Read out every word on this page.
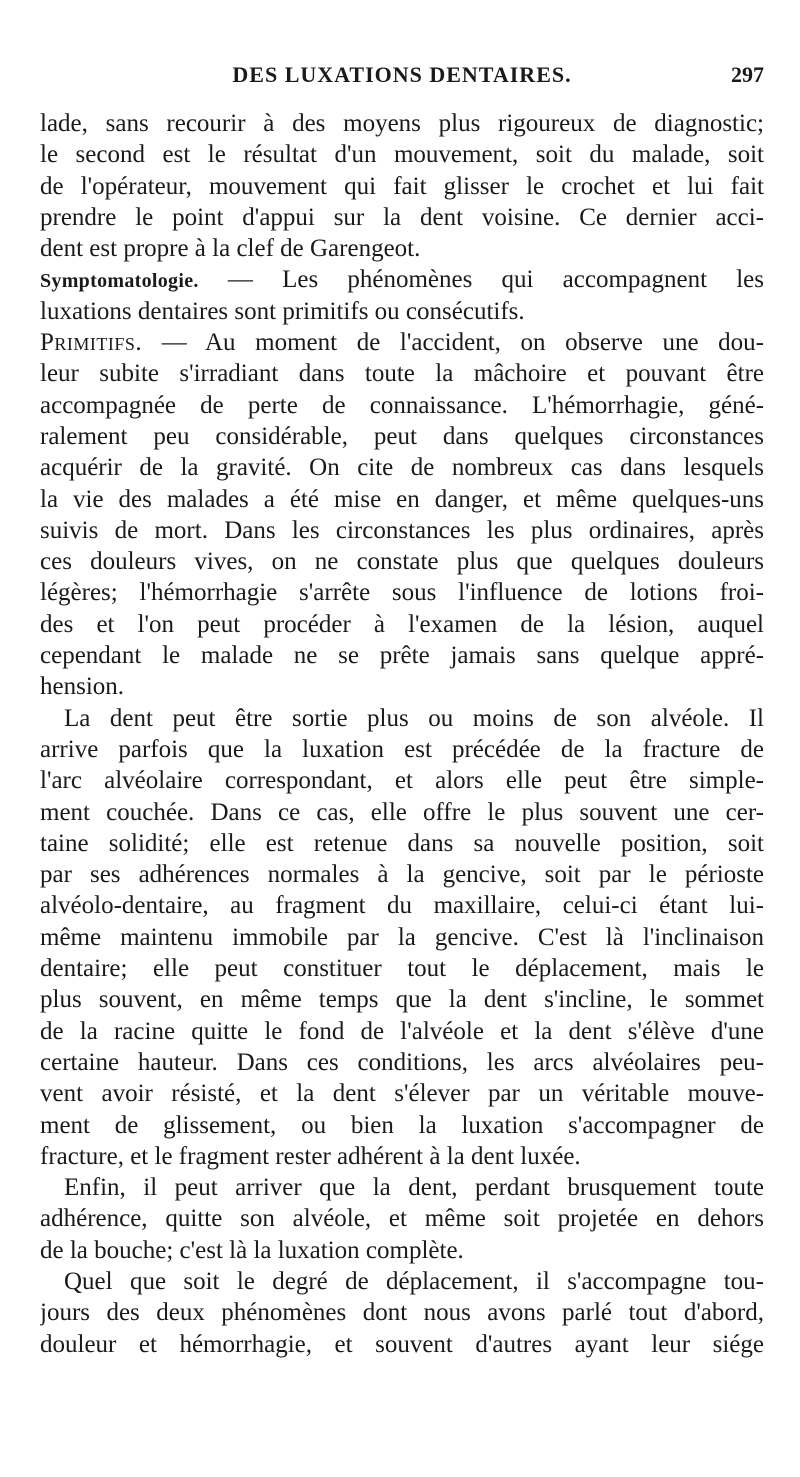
DES LUXATIONS DENTAIRES.	297
lade, sans recourir à des moyens plus rigoureux de diagnostic;
le second est le résultat d'un mouvement, soit du malade, soit
de l'opérateur, mouvement qui fait glisser le crochet et lui fait
prendre le point d'appui sur la dent voisine. Ce dernier acci-
dent est propre à la clef de Garengeot.
Symptomatologie. — Les phénomènes qui accompagnent les
luxations dentaires sont primitifs ou consécutifs.
Primitifs. — Au moment de l'accident, on observe une dou-
leur subite s'irradiant dans toute la mâchoire et pouvant être
accompagnée de perte de connaissance. L'hémorrhagie, géné-
ralement peu considérable, peut dans quelques circonstances
acquérir de la gravité. On cite de nombreux cas dans lesquels
la vie des malades a été mise en danger, et même quelques-uns
suivis de mort. Dans les circonstances les plus ordinaires, après
ces douleurs vives, on ne constate plus que quelques douleurs
légères; l'hémorrhagie s'arrête sous l'influence de lotions froi-
des et l'on peut procéder à l'examen de la lésion, auquel
cependant le malade ne se prête jamais sans quelque appré-
hension.
La dent peut être sortie plus ou moins de son alvéole. Il
arrive parfois que la luxation est précédée de la fracture de
l'arc alvéolaire correspondant, et alors elle peut être simple-
ment couchée. Dans ce cas, elle offre le plus souvent une cer-
taine solidité; elle est retenue dans sa nouvelle position, soit
par ses adhérences normales à la gencive, soit par le périoste
alvéolo-dentaire, au fragment du maxillaire, celui-ci étant lui-
même maintenu immobile par la gencive. C'est là l'inclinaison
dentaire; elle peut constituer tout le déplacement, mais le
plus souvent, en même temps que la dent s'incline, le sommet
de la racine quitte le fond de l'alvéole et la dent s'élève d'une
certaine hauteur. Dans ces conditions, les arcs alvéolaires peu-
vent avoir résisté, et la dent s'élever par un véritable mouve-
ment de glissement, ou bien la luxation s'accompagner de
fracture, et le fragment rester adhérent à la dent luxée.
Enfin, il peut arriver que la dent, perdant brusquement toute
adhérence, quitte son alvéole, et même soit projetée en dehors
de la bouche; c'est là la luxation complète.
Quel que soit le degré de déplacement, il s'accompagne tou-
jours des deux phénomènes dont nous avons parlé tout d'abord,
douleur et hémorrhagie, et souvent d'autres ayant leur siége
